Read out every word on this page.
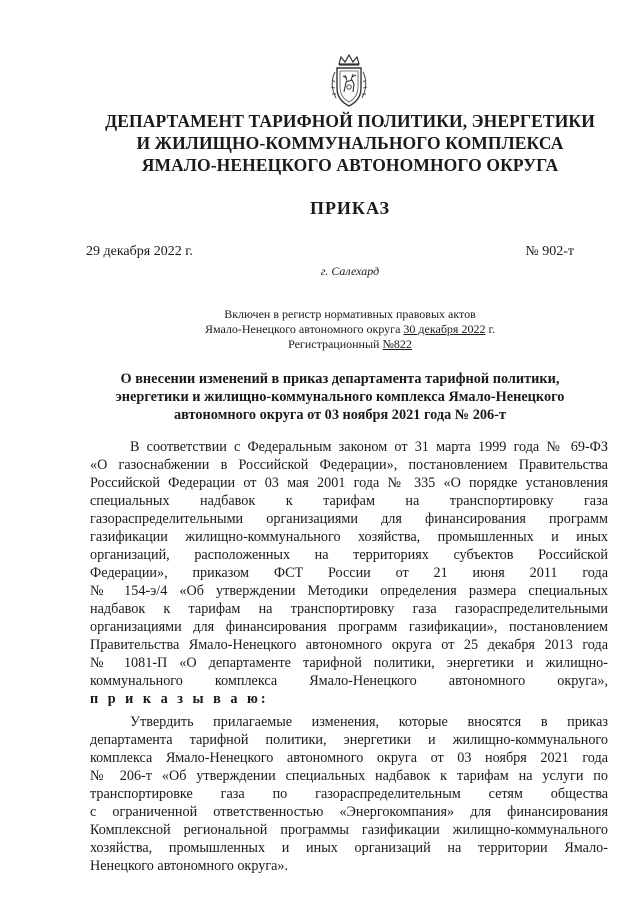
ДЕПАРТАМЕНТ ТАРИФНОЙ ПОЛИТИКИ, ЭНЕРГЕТИКИ
И ЖИЛИЩНО-КОММУНАЛЬНОГО КОМПЛЕКСА
ЯМАЛО-НЕНЕЦКОГО АВТОНОМНОГО ОКРУГА
ПРИКАЗ
29 декабря 2022 г.	№ 902-т
г. Салехард
Включен в регистр нормативных правовых актов
Ямало-Ненецкого автономного округа 30 декабря 2022 г.
Регистрационный №822
О внесении изменений в приказ департамента тарифной политики,
энергетики и жилищно-коммунального комплекса Ямало-Ненецкого
автономного округа от 03 ноября 2021 года № 206-т
В соответствии с Федеральным законом от 31 марта 1999 года № 69-ФЗ
«О газоснабжении в Российской Федерации», постановлением Правительства
Российской Федерации от 03 мая 2001 года № 335 «О порядке установления
специальных надбавок к тарифам на транспортировку газа
газораспределительными организациями для финансирования программ
газификации жилищно-коммунального хозяйства, промышленных и иных
организаций, расположенных на территориях субъектов Российской
Федерации», приказом ФСТ России от 21 июня 2011 года
№ 154-э/4 «Об утверждении Методики определения размера специальных
надбавок к тарифам на транспортировку газа газораспределительными
организациями для финансирования программ газификации», постановлением
Правительства Ямало-Ненецкого автономного округа от 25 декабря 2013 года
№ 1081-П «О департаменте тарифной политики, энергетики и жилищно-
коммунального комплекса Ямало-Ненецкого автономного округа»,
п р и к а з ы в а ю:
Утвердить прилагаемые изменения, которые вносятся в приказ
департамента тарифной политики, энергетики и жилищно-коммунального
комплекса Ямало-Ненецкого автономного округа от 03 ноября 2021 года
№ 206-т «Об утверждении специальных надбавок к тарифам на услуги по
транспортировке газа по газораспределительным сетям общества
с ограниченной ответственностью «Энергокомпания» для финансирования
Комплексной региональной программы газификации жилищно-коммунального
хозяйства, промышленных и иных организаций на территории Ямало-
Ненецкого автономного округа».
